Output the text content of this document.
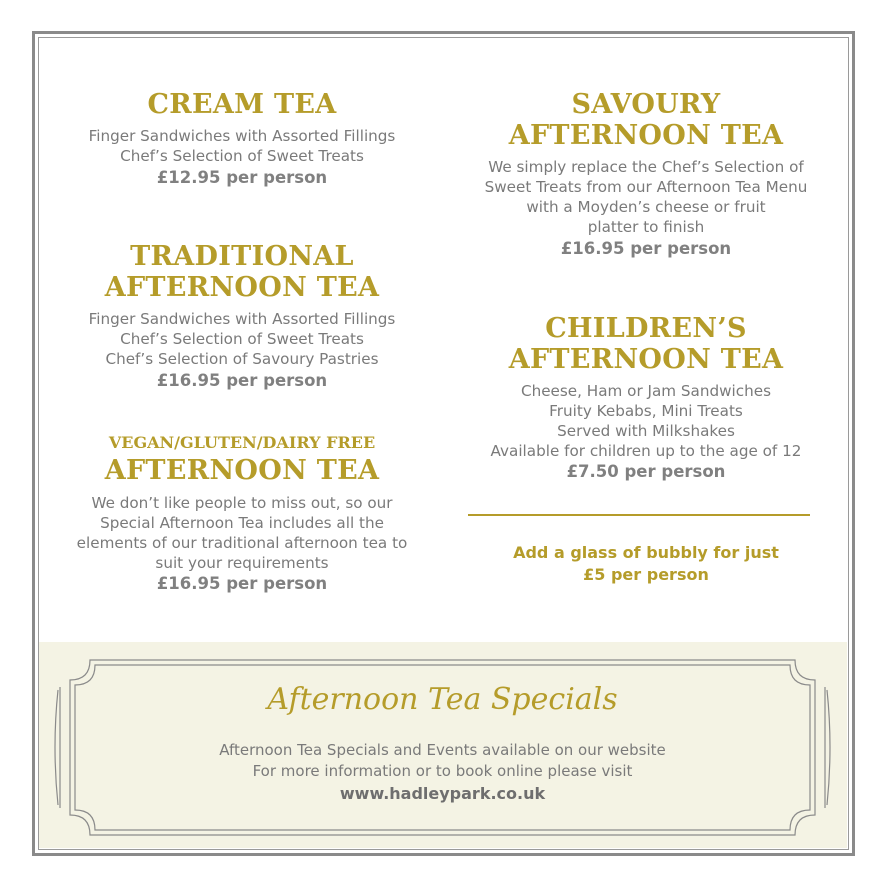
CREAM TEA
Finger Sandwiches with Assorted Fillings
Chef’s Selection of Sweet Treats
£12.95 per person
TRADITIONAL
AFTERNOON TEA
Finger Sandwiches with Assorted Fillings
Chef’s Selection of Sweet Treats
Chef’s Selection of Savoury Pastries
£16.95 per person
VEGAN/GLUTEN/DAIRY FREE
AFTERNOON TEA
We don’t like people to miss out, so our
Special Afternoon Tea includes all the
elements of our traditional afternoon tea to
suit your requirements
£16.95 per person
SAVOURY
AFTERNOON TEA
We simply replace the Chef’s Selection of
Sweet Treats from our Afternoon Tea Menu
with a Moyden’s cheese or fruit
platter to finish
£16.95 per person
CHILDREN’S
AFTERNOON TEA
Cheese, Ham or Jam Sandwiches
Fruity Kebabs, Mini Treats
Served with Milkshakes
Available for children up to the age of 12
£7.50 per person
Add a glass of bubbly for just
£5 per person
Afternoon Tea Specials
Afternoon Tea Specials and Events available on our website
For more information or to book online please visit
www.hadleypark.co.uk
